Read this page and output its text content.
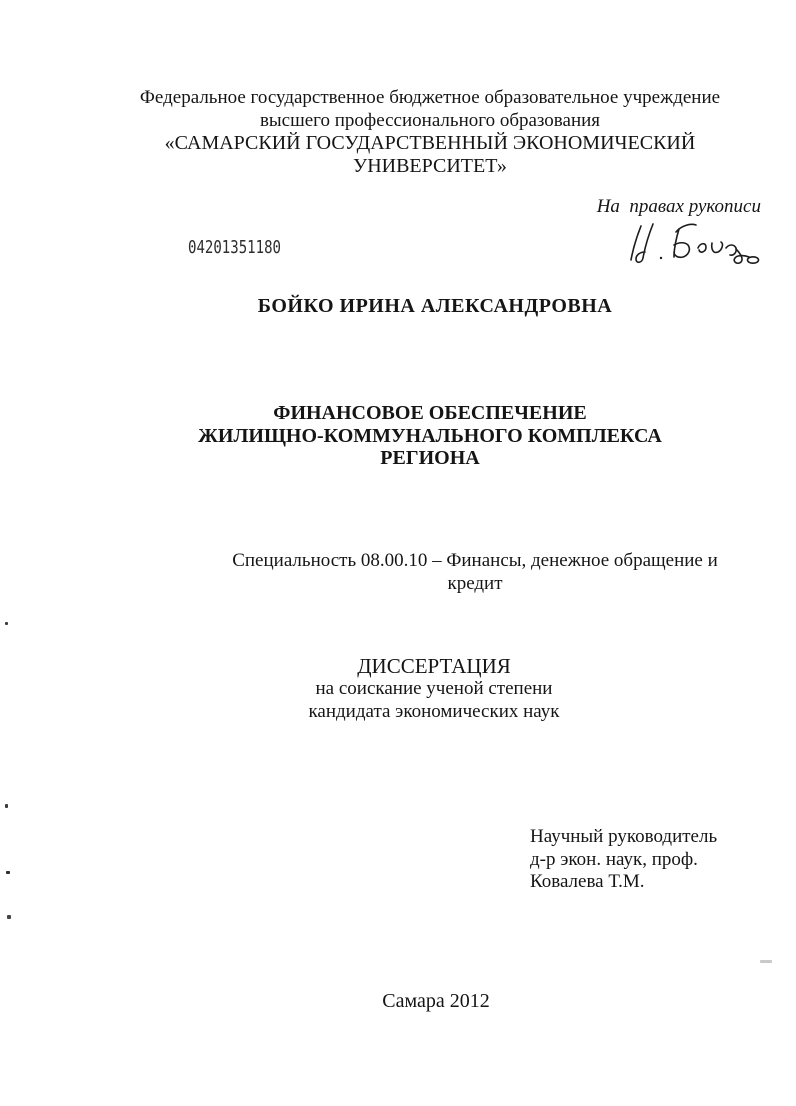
Федеральное государственное бюджетное образовательное учреждение
высшего профессионального образования
«САМАРСКИЙ ГОСУДАРСТВЕННЫЙ ЭКОНОМИЧЕСКИЙ
УНИВЕРСИТЕТ»
На  правах рукописи
04201351180
БОЙКО ИРИНА АЛЕКСАНДРОВНА
ФИНАНСОВОЕ ОБЕСПЕЧЕНИЕ
ЖИЛИЩНО-КОММУНАЛЬНОГО КОМПЛЕКСА
РЕГИОНА
Специальность 08.00.10 – Финансы, денежное обращение и
кредит
ДИССЕРТАЦИЯ
на соискание ученой степени
кандидата экономических наук
Научный руководитель
д-р экон. наук, проф.
Ковалева Т.М.
Самара 2012
